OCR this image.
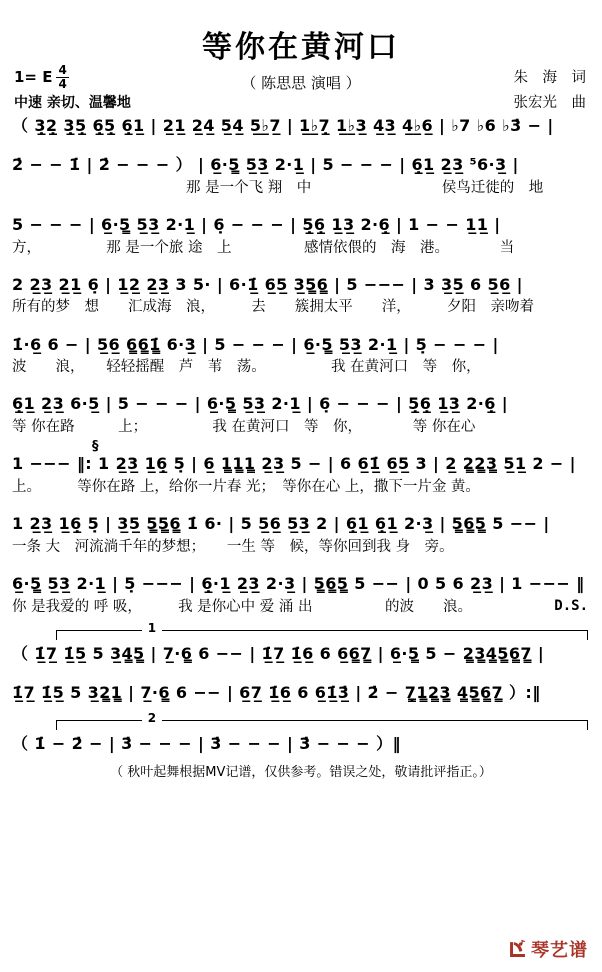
等你在黄河口
（ 陈思思 演唱 ）
1= E $\frac{4}{4}$
中速 亲切、温馨地
朱　海　词
张宏光　曲
（ 3̲̣2̲̣ 3̲̣5̲̣ 6̲̣5̲̣ 6̲̣1̲ | 2̲1̲ 2̲4̲ 5̲4̲ 5̲♭̲7̲ | 1̲♭̲7̲̣ 1̲♭̲3̲ 4̲3̲ 4̲♭̲6̲ | ♭7 ♭6 ♭3̇ − |
2̇ − − 1̇ | 2̇ − − − ） | 6̲·5̳ 5̲3̲ 2·1̲ | 5 − − − | 6̲̣1̲ 2̲3̲ ⁵6·3̲ |
　　　　　　　　　　　　那 是一个飞 翔　中　　　　　　　　　侯鸟迁徙的　地
5 − − − | 6̲·5̳ 5̲3̲ 2·1̲ | 6̣ − − − | 5̲̣6̲̣ 1̲3̲ 2·6̲̣ | 1 − − 1̲1̲ |
方，　　　　　那 是一个旅 途　上　　　　　感情依偎的　海　港。　　　　当
2 2̲3̲ 2̲1̲ 6̣ | 1̲2̲ 2̲3̲ 3 5· | 6·1̲̇ 6̲5̲ 3̲5̳6̳ | 5 −−− | 3 3̲5̲ 6 5̲6̲ |
所有的梦　想　　汇成海　浪，　　　去　　簇拥太平　　洋，　　　夕阳　亲吻着
1̇·6̲ 6 − | 5̲6̲ 6̳6̳1̳̇ 6·3̲ | 5 − − − | 6̲·5̳ 5̲3̲ 2·1̲ | 5̣ − − − |
波　　浪，　　轻轻摇醒　芦　苇　荡。　　　　　我 在黄河口　等　你，
6̲̣1̲ 2̲3̲ 6·5̲ | 5 − − − | 6̲·5̳ 5̲3̲ 2·1̲ | 6̣ − − − | 5̲̣6̲̣ 1̲3̲ 2·6̲̣ |
等 你在路　　　上；　　　　　我 在黄河口　等　你，　　　　等 你在心
§
1 −−− ‖: 1 2̲3̲ 1̲6̲̣ 5̣ | 6̲ 1̳1̳1̳ 2̲3̲ 5 − | 6 6̲1̲̇ 6̲5̲ 3 | 2̲ 2̳2̳3̳ 5̲1̲ 2 − |
上。　　　等你在路 上，给你一片春 光；　等你在心 上，撒下一片金 黄。
1 2̲3̲ 1̲6̲̣ 5̣ | 3̲5̲ 5̳5̳6̳ 1̇ 6· | 5 5̲6̲ 5̲3̲ 2 | 6̲̣1̲ 6̲̣1̲ 2·3̲ | 5̳6̳5̳ 5 −− |
一条 大　河流淌千年的梦想；　　一生 等　候，等你回到我 身　旁。
6̲·5̳ 5̲3̲ 2·1̲ | 5̣ −−− | 6̲̣·1̲ 2̲3̲ 2·3̲ | 5̳6̳5̳ 5 −− | 0 5 6 2̲3̲ | 1 −−− ‖
你 是我爱的 呼 吸，　　　我 是你心中 爱 涌 出　　　　　的波　　浪。	D.S.
1
（ 1̲̇7̲ 1̲̇5̲ 5 3̲4̳5̳ | 7̲·6̳ 6 −− | 1̲̇7̲ 1̲̇6̲ 6 6̲6̳7̳ | 6̲·5̳ 5 − 2̳3̳4̳5̳6̳7̳ |
1̲̇7̲ 1̲̇5̲ 5 3̲2̳1̳ | 7̲·6̳ 6 −− | 6̲7̲ 1̲̇6̲ 6 6̲1̲̇3̲̇ | 2̇ − 7̳̣1̳2̳3̳ 4̳5̳6̳7̳ ）:‖
2
（ 1̇ − 2̇ − | 3̇ − − − | 3̇ − − − | 3̇ − − − ）‖
（ 秋叶起舞根据MV记谱，仅供参考。错误之处，敬请批评指正。）
琴艺谱
